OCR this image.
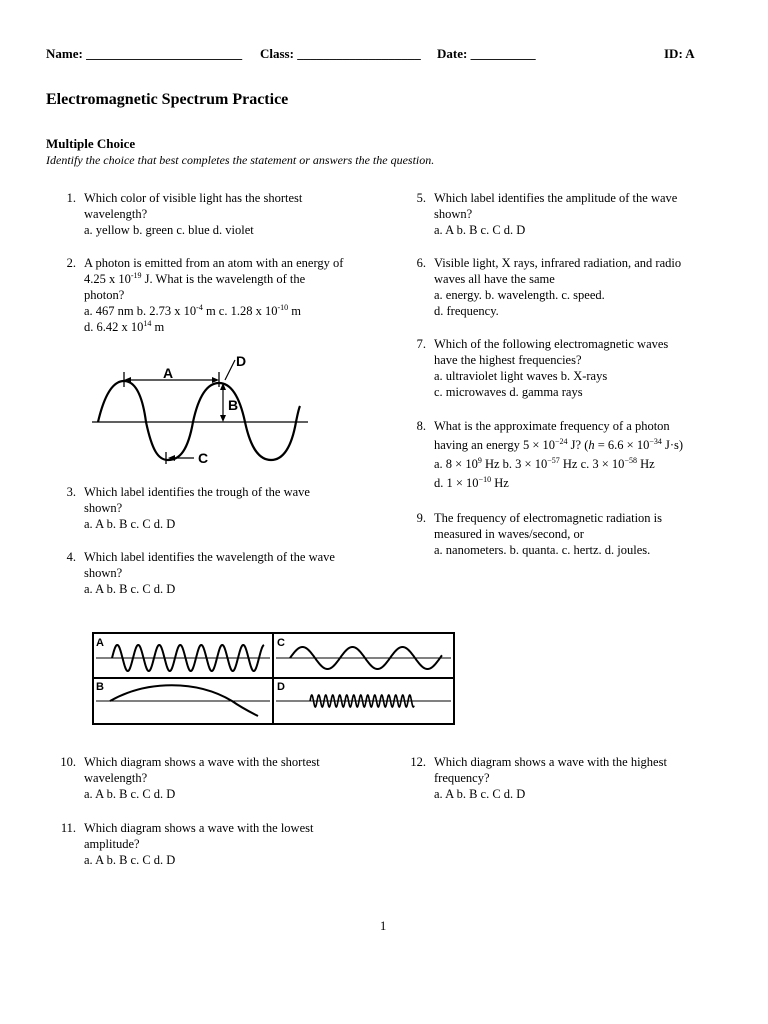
Name: ________________________ Class: ___________________ Date: __________	ID: A
Electromagnetic Spectrum Practice
Multiple Choice
Identify the choice that best completes the statement or answers the the question.
1. Which color of visible light has the shortest
wavelength?
a. yellow b. green c. blue d. violet
2. A photon is emitted from an atom with an energy of
4.25 x $10^{-19}$ J. What is the wavelength of the
photon?
a. 467 nm b. 2.73 x $10^{-4}$ m c. 1.28 x $10^{-10}$ m
d. 6.42 x $10^{14}$ m
A
B
D
C
3. Which label identifies the trough of the wave
shown?
a. A b. B c. C d. D
4. Which label identifies the wavelength of the wave
shown?
a. A b. B c. C d. D
5. Which label identifies the amplitude of the wave
shown?
a. A b. B c. C d. D
6. Visible light, X rays, infrared radiation, and radio
waves all have the same
a. energy. b. wavelength. c. speed.
d. frequency.
7. Which of the following electromagnetic waves
have the highest frequencies?
a. ultraviolet light waves b. X-rays
c. microwaves d. gamma rays
8. What is the approximate frequency of a photon
having an energy $5 \times 10^{-24}$ J? ($h = 6.6 \times 10^{-34}$ J·s)
a. $8 \times 10^9$ Hz b. $3 \times 10^{-57}$ Hz c. $3 \times 10^{-58}$ Hz
d. $1 \times 10^{-10}$ Hz
9. The frequency of electromagnetic radiation is
measured in waves/second, or
a. nanometers. b. quanta. c. hertz. d. joules.
A	C
B	D
10. Which diagram shows a wave with the shortest
wavelength?
a. A b. B c. C d. D
11. Which diagram shows a wave with the lowest
amplitude?
a. A b. B c. C d. D
12. Which diagram shows a wave with the highest
frequency?
a. A b. B c. C d. D
1
